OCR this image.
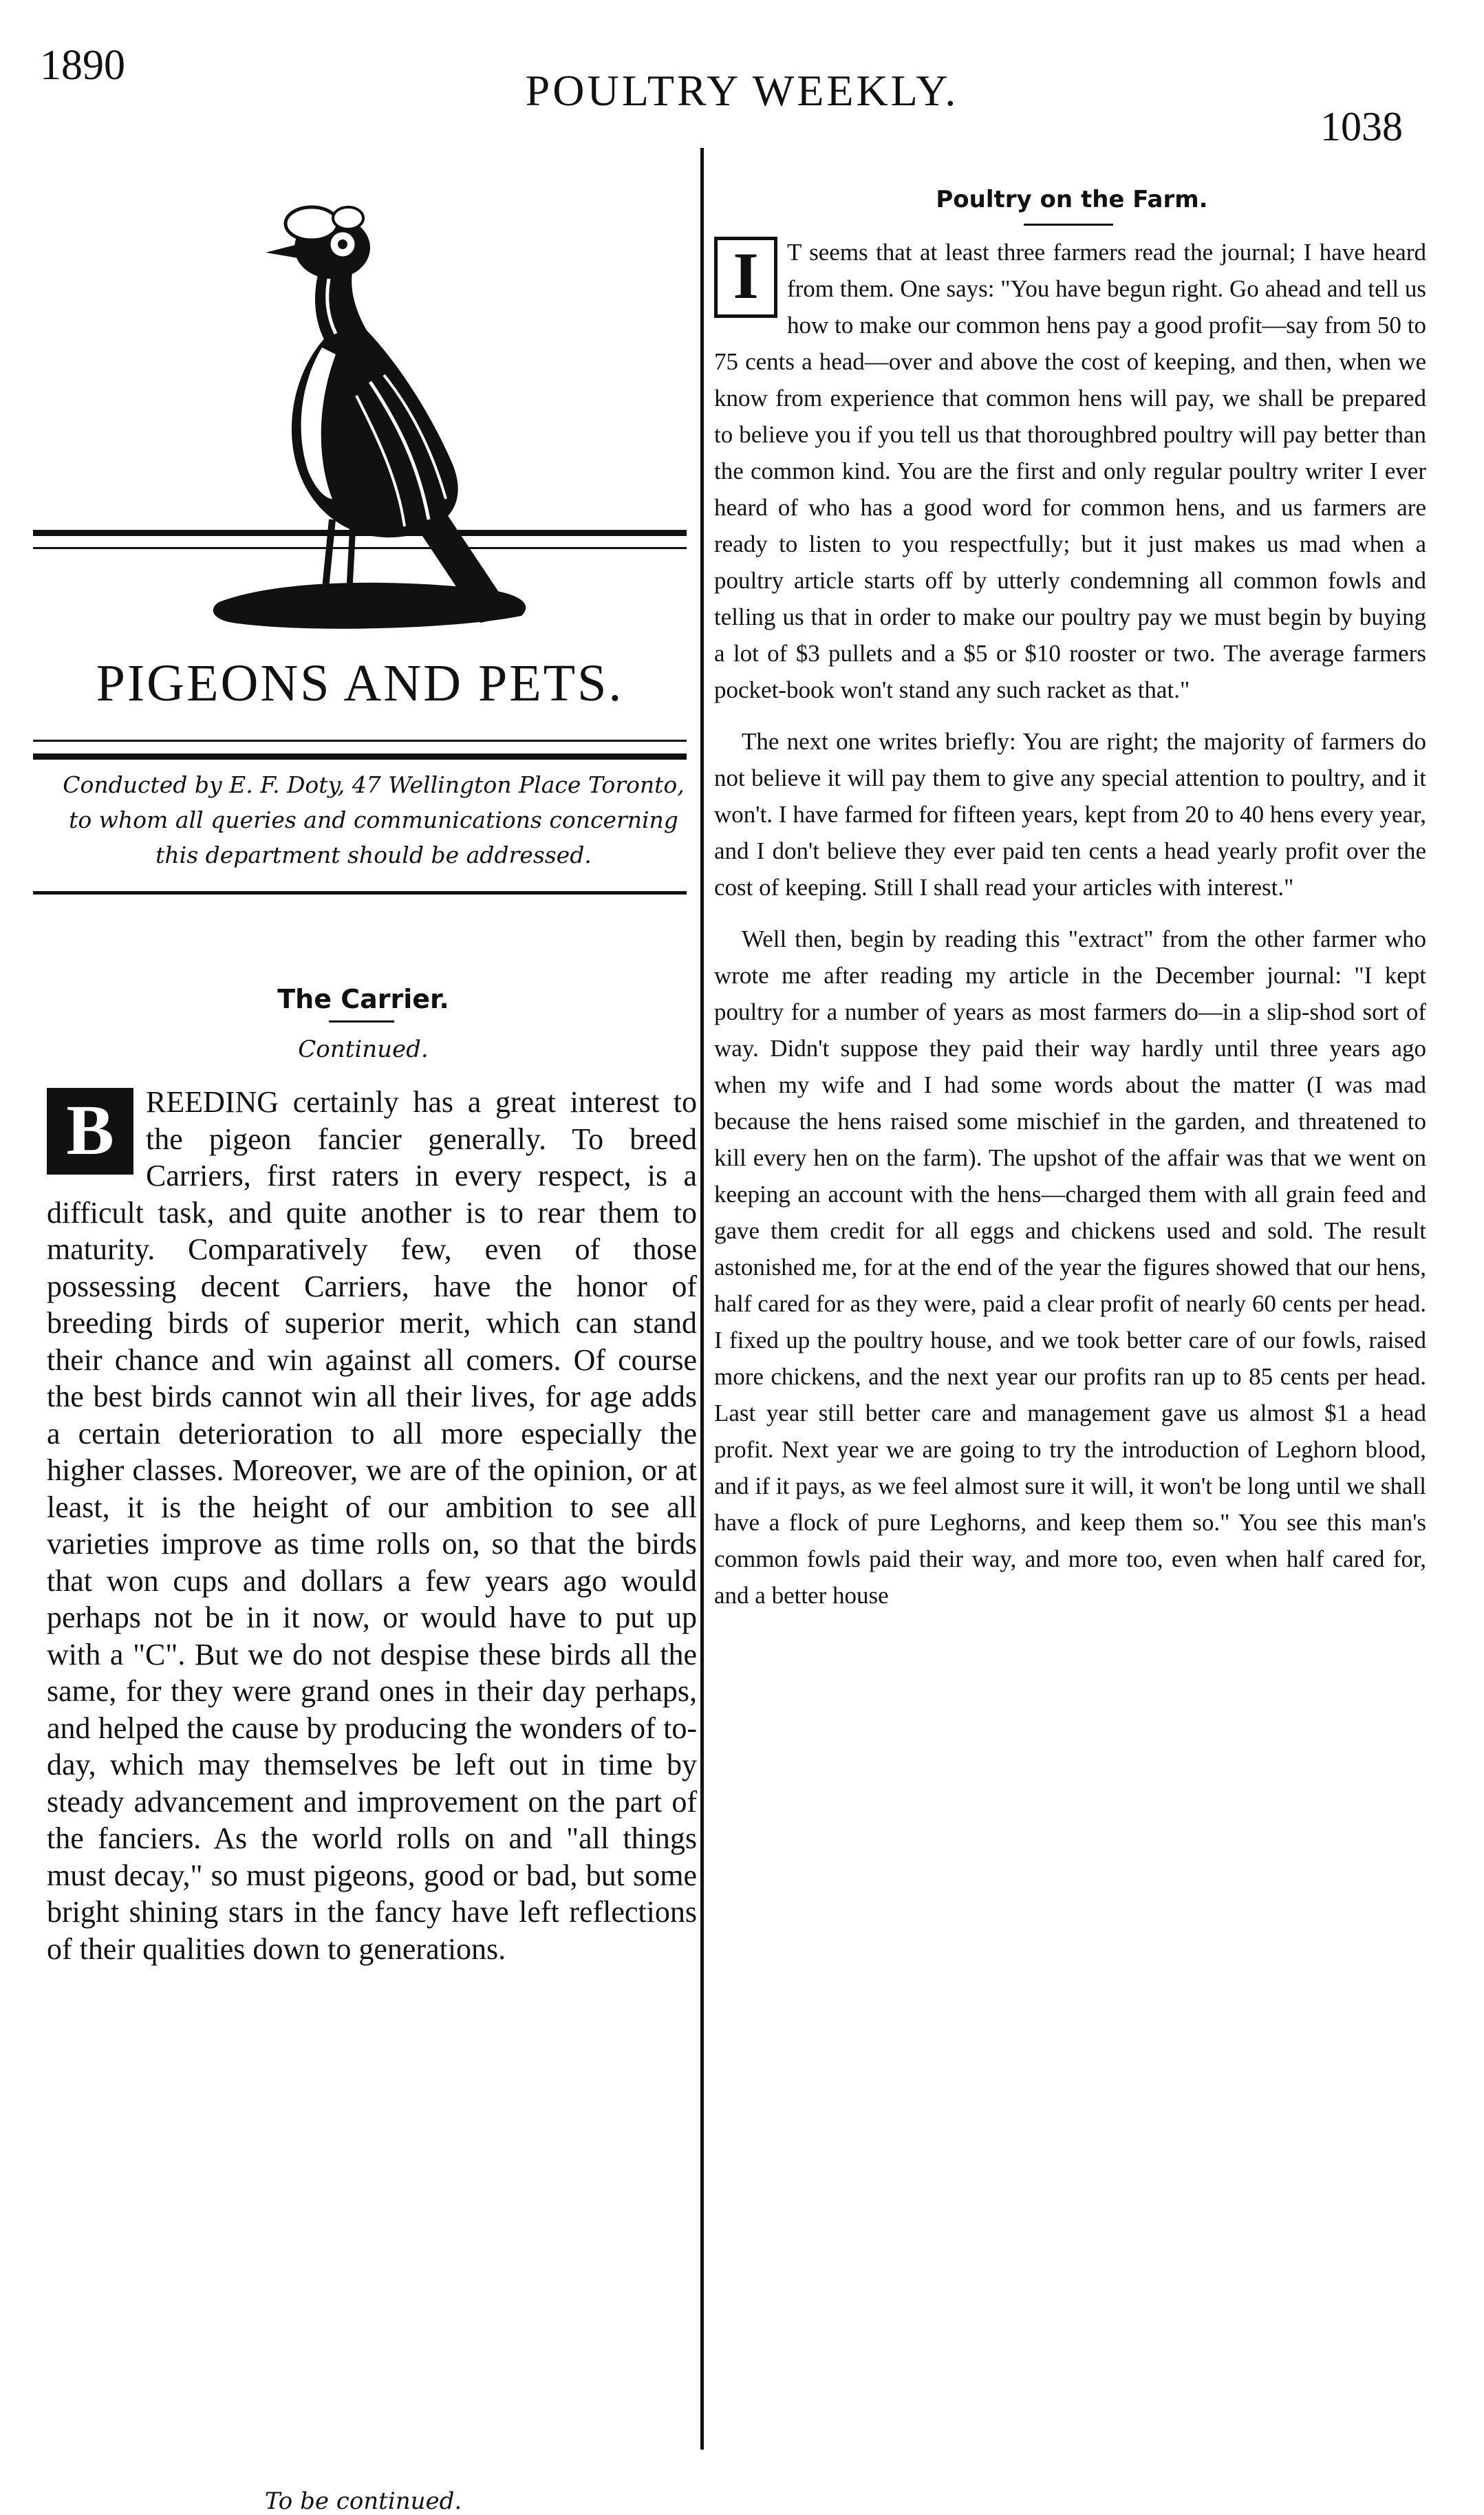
1890
POULTRY WEEKLY.
1038
PIGEONS AND PETS.
Conducted by E. F. Doty, 47 Wellington Place Toronto, to whom all queries and communications concerning this department should be addressed.
The Carrier.
Continued.
B	REEDING certainly has a great interest to the pigeon fancier generally. To breed Carriers, first raters in every respect, is a difficult task, and quite another is to rear them to maturity. Comparatively few, even of those possessing decent Carriers, have the honor of breeding birds of superior merit, which can stand their chance and win against all comers. Of course the best birds cannot win all their lives, for age adds a certain deterioration to all more especially the higher classes. Moreover, we are of the opinion, or at least, it is the height of our ambition to see all varieties improve as time rolls on, so that the birds that won cups and dollars a few years ago would perhaps not be in it now, or would have to put up with a "C". But we do not despise these birds all the same, for they were grand ones in their day perhaps, and helped the cause by producing the wonders of to-day, which may themselves be left out in time by steady advancement and improvement on the part of the fanciers. As the world rolls on and "all things must decay," so must pigeons, good or bad, but some bright shining stars in the fancy have left reflections of their qualities down to generations.
To be continued.
Poultry on the Farm.

I	T seems that at least three farmers read the journal; I have heard from them. One says: "You have begun right. Go ahead and tell us how to make our common hens pay a good profit—say from 50 to 75 cents a head—over and above the cost of keeping, and then, when we know from experience that common hens will pay, we shall be prepared to believe you if you tell us that thoroughbred poultry will pay better than the common kind. You are the first and only regular poultry writer I ever heard of who has a good word for common hens, and us farmers are ready to listen to you respectfully; but it just makes us mad when a poultry article starts off by utterly condemning all common fowls and telling us that in order to make our poultry pay we must begin by buying a lot of $3 pullets and a $5 or $10 rooster or two. The average farmers pocket-book won't stand any such racket as that."

The next one writes briefly: You are right; the majority of farmers do not believe it will pay them to give any special attention to poultry, and it won't. I have farmed for fifteen years, kept from 20 to 40 hens every year, and I don't believe they ever paid ten cents a head yearly profit over the cost of keeping. Still I shall read your articles with interest."

Well then, begin by reading this "extract" from the other farmer who wrote me after reading my article in the December journal: "I kept poultry for a number of years as most farmers do—in a slip-shod sort of way. Didn't suppose they paid their way hardly until three years ago when my wife and I had some words about the matter (I was mad because the hens raised some mischief in the garden, and threatened to kill every hen on the farm). The upshot of the affair was that we went on keeping an account with the hens—charged them with all grain feed and gave them credit for all eggs and chickens used and sold. The result astonished me, for at the end of the year the figures showed that our hens, half cared for as they were, paid a clear profit of nearly 60 cents per head. I fixed up the poultry house, and we took better care of our fowls, raised more chickens, and the next year our profits ran up to 85 cents per head. Last year still better care and management gave us almost $1 a head profit. Next year we are going to try the introduction of Leghorn blood, and if it pays, as we feel almost sure it will, it won't be long until we shall have a flock of pure Leghorns, and keep them so." You see this man's common fowls paid their way, and more too, even when half cared for, and a better house
